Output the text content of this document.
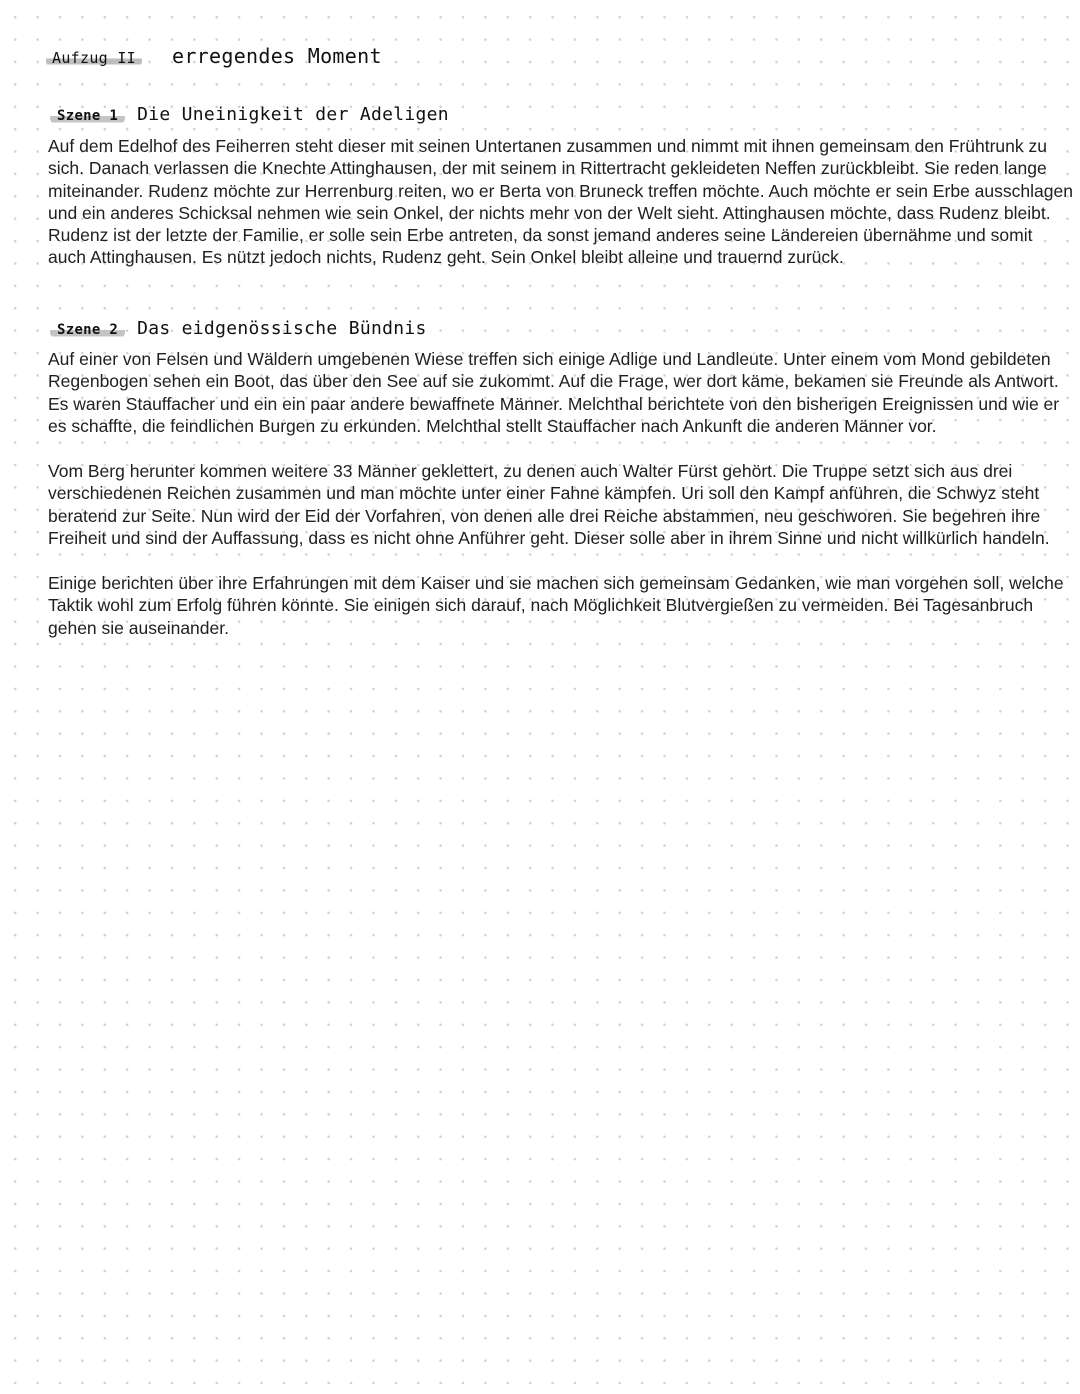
Aufzug II	erregendes Moment
Szene 1	Die Uneinigkeit der Adeligen

Auf dem Edelhof des Feiherren steht dieser mit seinen Untertanen zusammen und nimmt mit ihnen gemeinsam den Frühtrunk zu sich. Danach verlassen die Knechte Attinghausen, der mit seinem in Rittertracht gekleideten Neffen zurückbleibt. Sie reden lange miteinander. Rudenz möchte zur Herrenburg reiten, wo er Berta von Bruneck treffen möchte. Auch möchte er sein Erbe ausschlagen und ein anderes Schicksal nehmen wie sein Onkel, der nichts mehr von der Welt sieht. Attinghausen möchte, dass Rudenz bleibt. Rudenz ist der letzte der Familie, er solle sein Erbe antreten, da sonst jemand anderes seine Ländereien übernähme und somit auch Attinghausen. Es nützt jedoch nichts, Rudenz geht. Sein Onkel bleibt alleine und trauernd zurück.

Szene 2	Das eidgenössische Bündnis

Auf einer von Felsen und Wäldern umgebenen Wiese treffen sich einige Adlige und Landleute. Unter einem vom Mond gebildeten Regenbogen sehen ein Boot, das über den See auf sie zukommt. Auf die Frage, wer dort käme, bekamen sie Freunde als Antwort. Es waren Stauffacher und ein ein paar andere bewaffnete Männer. Melchthal berichtete von den bisherigen Ereignissen und wie er es schaffte, die feindlichen Burgen zu erkunden. Melchthal stellt Stauffacher nach Ankunft die anderen Männer vor.

Vom Berg herunter kommen weitere 33 Männer geklettert, zu denen auch Walter Fürst gehört. Die Truppe setzt sich aus drei verschiedenen Reichen zusammen und man möchte unter einer Fahne kämpfen. Uri soll den Kampf anführen, die Schwyz steht beratend zur Seite. Nun wird der Eid der Vorfahren, von denen alle drei Reiche abstammen, neu geschworen. Sie begehren ihre Freiheit und sind der Auffassung, dass es nicht ohne Anführer geht. Dieser solle aber in ihrem Sinne und nicht willkürlich handeln.

Einige berichten über ihre Erfahrungen mit dem Kaiser und sie machen sich gemeinsam Gedanken, wie man vorgehen soll, welche Taktik wohl zum Erfolg führen könnte. Sie einigen sich darauf, nach Möglichkeit Blutvergießen zu vermeiden. Bei Tagesanbruch gehen sie auseinander.
